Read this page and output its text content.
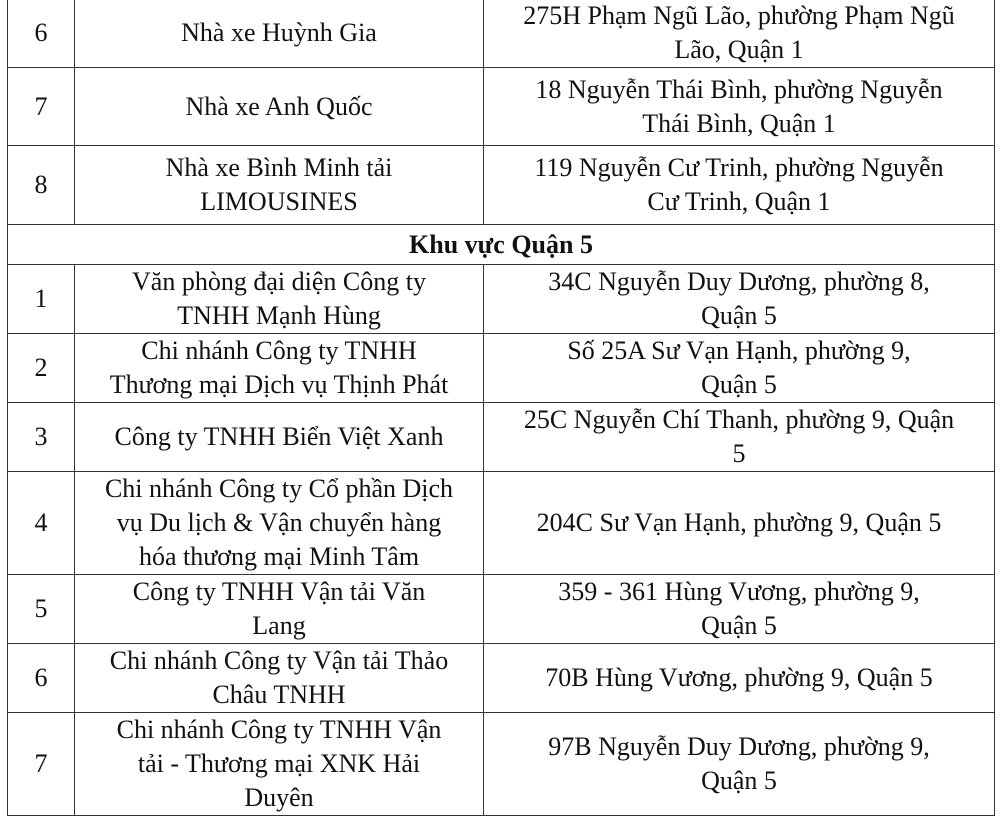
6	Nhà xe Huỳnh Gia	275H Phạm Ngũ Lão, phường Phạm Ngũ
Lão, Quận 1

7	Nhà xe Anh Quốc	18 Nguyễn Thái Bình, phường Nguyễn
Thái Bình, Quận 1

8	Nhà xe Bình Minh tải
LIMOUSINES	119 Nguyễn Cư Trinh, phường Nguyễn
Cư Trinh, Quận 1

Khu vực Quận 5		
1	Văn phòng đại diện Công ty
TNHH Mạnh Hùng	34C Nguyễn Duy Dương, phường 8,
Quận 5

2	Chi nhánh Công ty TNHH
Thương mại Dịch vụ Thịnh Phát	Số 25A Sư Vạn Hạnh, phường 9,
Quận 5

3	Công ty TNHH Biển Việt Xanh	25C Nguyễn Chí Thanh, phường 9, Quận
5

4	Chi nhánh Công ty Cổ phần Dịch
vụ Du lịch & Vận chuyển hàng
hóa thương mại Minh Tâm	204C Sư Vạn Hạnh, phường 9, Quận 5

5	Công ty TNHH Vận tải Văn
Lang	359 - 361 Hùng Vương, phường 9,
Quận 5

6	Chi nhánh Công ty Vận tải Thảo
Châu TNHH	70B Hùng Vương, phường 9, Quận 5

7	Chi nhánh Công ty TNHH Vận
tải - Thương mại XNK Hải
Duyên	97B Nguyễn Duy Dương, phường 9,
Quận 5
